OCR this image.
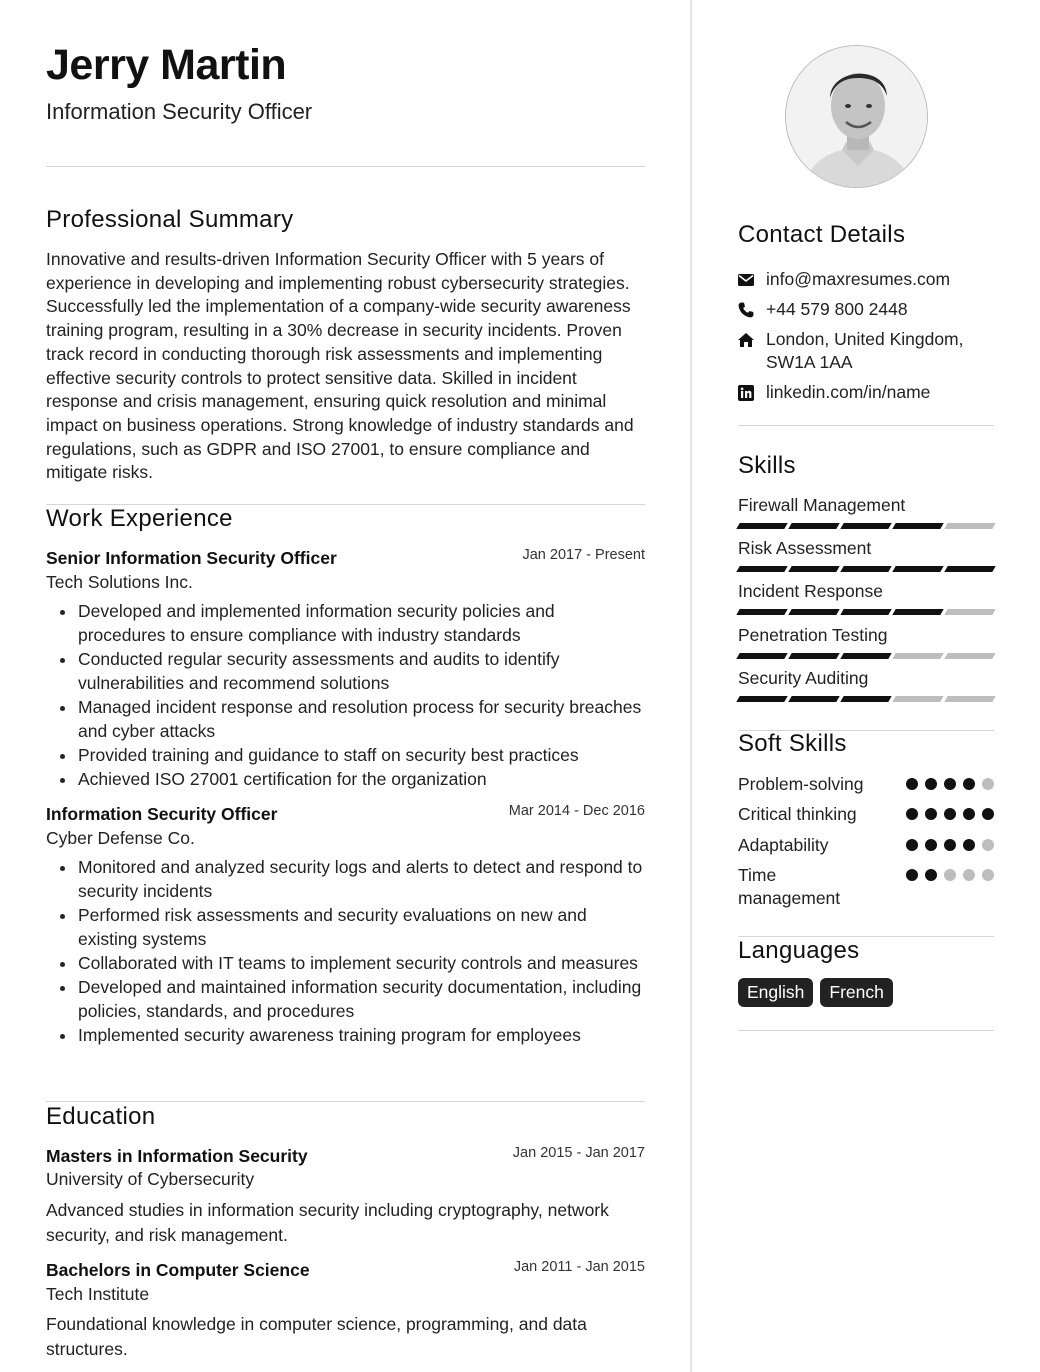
Jerry Martin
Information Security Officer
Professional Summary

Innovative and results-driven Information Security Officer with 5 years of experience in developing and implementing robust cybersecurity strategies. Successfully led the implementation of a company-wide security awareness training program, resulting in a 30% decrease in security incidents. Proven track record in conducting thorough risk assessments and implementing effective security controls to protect sensitive data. Skilled in incident response and crisis management, ensuring quick resolution and minimal impact on business operations. Strong knowledge of industry standards and regulations, such as GDPR and ISO 27001, to ensure compliance and mitigate risks.

Work Experience
Senior Information Security Officer	Jan 2017 - Present
Tech Solutions Inc.
Developed and implemented information security policies and procedures to ensure compliance with industry standards
Conducted regular security assessments and audits to identify vulnerabilities and recommend solutions
Managed incident response and resolution process for security breaches and cyber attacks
Provided training and guidance to staff on security best practices
Achieved ISO 27001 certification for the organization
Information Security Officer	Mar 2014 - Dec 2016
Cyber Defense Co.
Monitored and analyzed security logs and alerts to detect and respond to security incidents
Performed risk assessments and security evaluations on new and existing systems
Collaborated with IT teams to implement security controls and measures
Developed and maintained information security documentation, including policies, standards, and procedures
Implemented security awareness training program for employees
Education
Masters in Information Security	Jan 2015 - Jan 2017
University of Cybersecurity

Advanced studies in information security including cryptography, network security, and risk management.

Bachelors in Computer Science	Jan 2011 - Jan 2015
Tech Institute

Foundational knowledge in computer science, programming, and data structures.

Contact Details
info@maxresumes.com
+44 579 800 2448
London, United Kingdom, SW1A 1AA
linkedin.com/in/name
Skills
Firewall Management
Risk Assessment
Incident Response
Penetration Testing
Security Auditing
Soft Skills
Problem-solving
Critical thinking
Adaptability
Time management
Languages
English	French
